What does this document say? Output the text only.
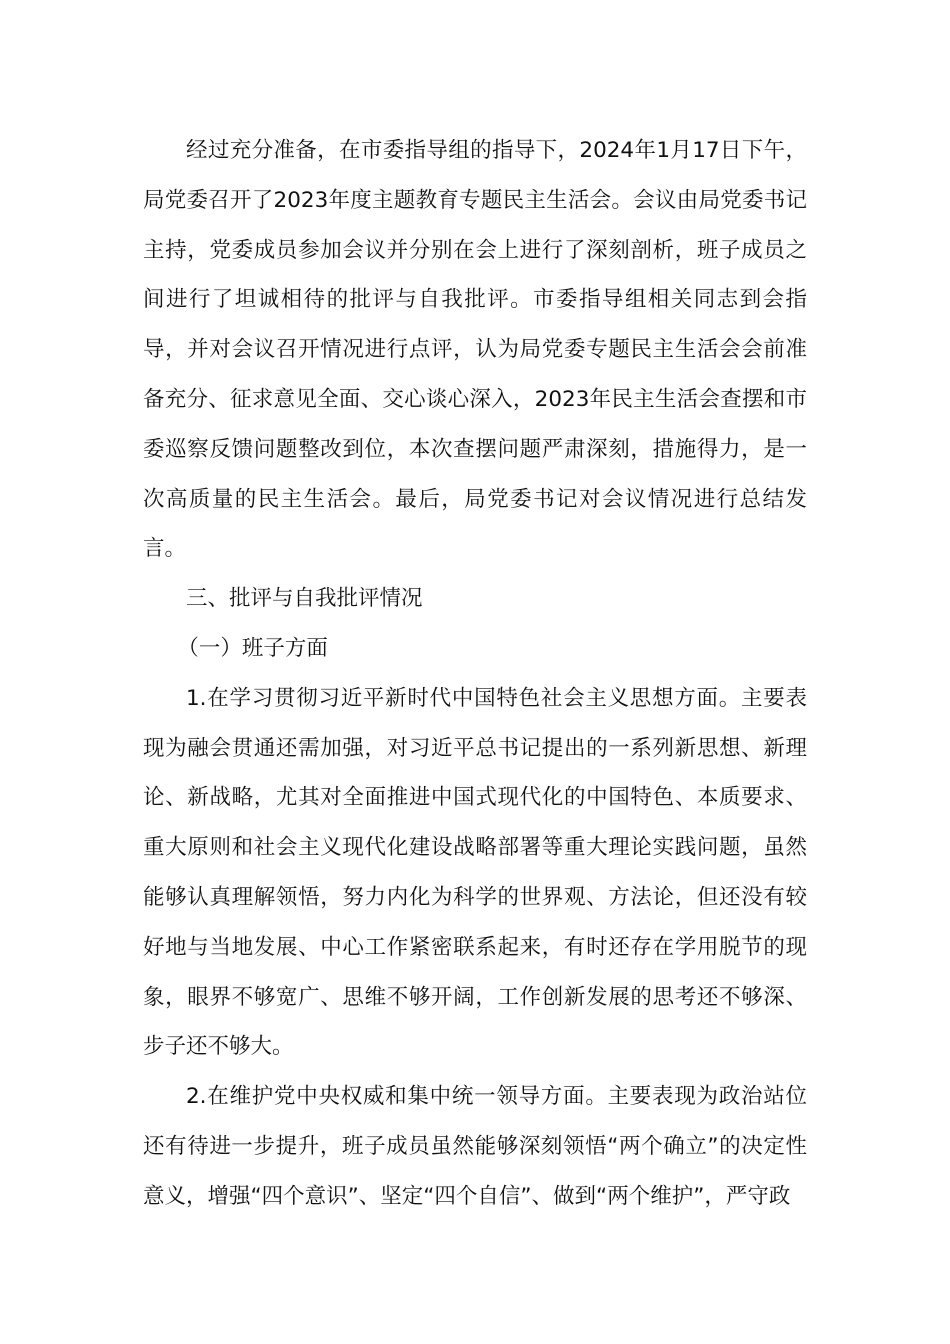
经过充分准备，在市委指导组的指导下，2024年1月17日下午，局党委召开了2023年度主题教育专题民主生活会。会议由局党委书记主持，党委成员参加会议并分别在会上进行了深刻剖析，班子成员之间进行了坦诚相待的批评与自我批评。市委指导组相关同志到会指导，并对会议召开情况进行点评，认为局党委专题民主生活会会前准备充分、征求意见全面、交心谈心深入，2023年民主生活会查摆和市委巡察反馈问题整改到位，本次查摆问题严肃深刻，措施得力，是一次高质量的民主生活会。最后，局党委书记对会议情况进行总结发言。

三、批评与自我批评情况

（一）班子方面

1.在学习贯彻习近平新时代中国特色社会主义思想方面。主要表现为融会贯通还需加强，对习近平总书记提出的一系列新思想、新理论、新战略，尤其对全面推进中国式现代化的中国特色、本质要求、重大原则和社会主义现代化建设战略部署等重大理论实践问题，虽然能够认真理解领悟，努力内化为科学的世界观、方法论，但还没有较好地与当地发展、中心工作紧密联系起来，有时还存在学用脱节的现象，眼界不够宽广、思维不够开阔，工作创新发展的思考还不够深、步子还不够大。

2.在维护党中央权威和集中统一领导方面。主要表现为政治站位还有待进一步提升，班子成员虽然能够深刻领悟“两个确立”的决定性意义，增强“四个意识”、坚定“四个自信”、做到“两个维护”，严守政
